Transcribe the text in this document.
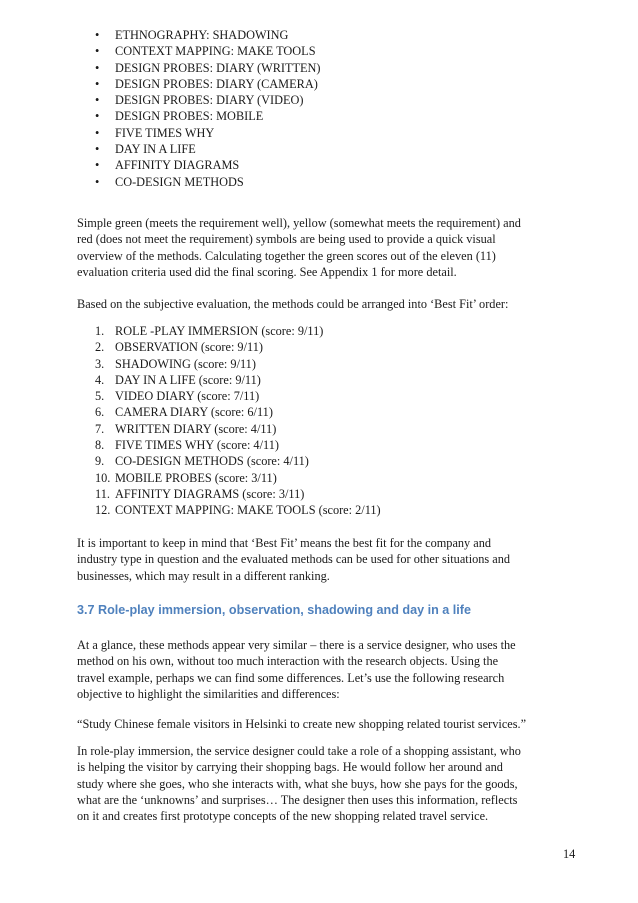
• ETHNOGRAPHY: SHADOWING
• CONTEXT MAPPING: MAKE TOOLS
• DESIGN PROBES: DIARY (WRITTEN)
• DESIGN PROBES: DIARY (CAMERA)
• DESIGN PROBES: DIARY (VIDEO)
• DESIGN PROBES: MOBILE
• FIVE TIMES WHY
• DAY IN A LIFE
• AFFINITY DIAGRAMS
• CO-DESIGN METHODS

Simple green (meets the requirement well), yellow (somewhat meets the requirement) and
red (does not meet the requirement) symbols are being used to provide a quick visual
overview of the methods. Calculating together the green scores out of the eleven (11)
evaluation criteria used did the final scoring. See Appendix 1 for more detail.

Based on the subjective evaluation, the methods could be arranged into ‘Best Fit’ order:

1. ROLE -PLAY IMMERSION (score: 9/11)
2. OBSERVATION (score: 9/11)
3. SHADOWING (score: 9/11)
4. DAY IN A LIFE (score: 9/11)
5. VIDEO DIARY (score: 7/11)
6. CAMERA DIARY (score: 6/11)
7. WRITTEN DIARY (score: 4/11)
8. FIVE TIMES WHY (score: 4/11)
9. CO-DESIGN METHODS (score: 4/11)
10. MOBILE PROBES (score: 3/11)
11. AFFINITY DIAGRAMS (score: 3/11)
12. CONTEXT MAPPING: MAKE TOOLS (score: 2/11)

It is important to keep in mind that ‘Best Fit’ means the best fit for the company and
industry type in question and the evaluated methods can be used for other situations and
businesses, which may result in a different ranking.

3.7 Role-play immersion, observation, shadowing and day in a life

At a glance, these methods appear very similar – there is a service designer, who uses the
method on his own, without too much interaction with the research objects. Using the
travel example, perhaps we can find some differences. Let’s use the following research
objective to highlight the similarities and differences:

“Study Chinese female visitors in Helsinki to create new shopping related tourist services.”

In role-play immersion, the service designer could take a role of a shopping assistant, who
is helping the visitor by carrying their shopping bags. He would follow her around and
study where she goes, who she interacts with, what she buys, how she pays for the goods,
what are the ‘unknowns’ and surprises… The designer then uses this information, reflects
on it and creates first prototype concepts of the new shopping related travel service.

14
